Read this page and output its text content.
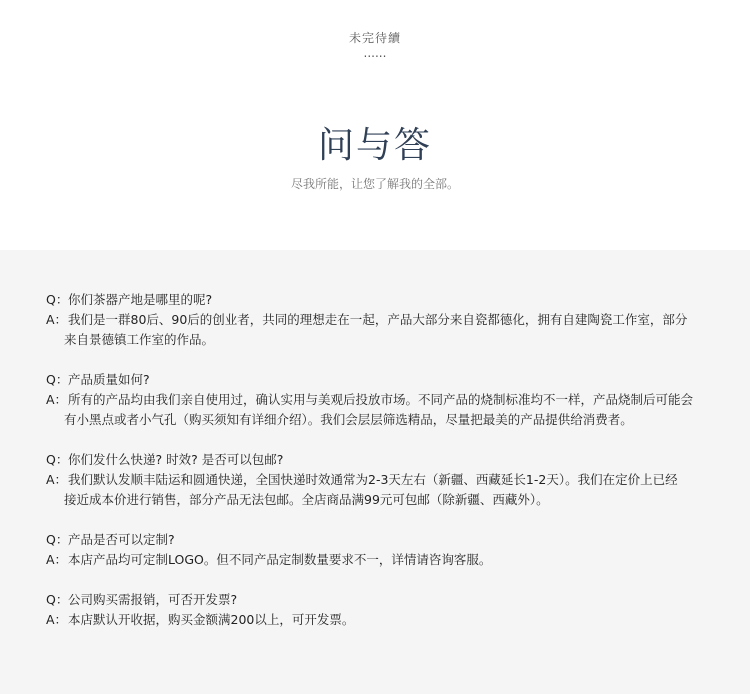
未完待續
......
问与答
尽我所能，让您了解我的全部。
Q：你们茶器产地是哪里的呢?
A：我们是一群80后、90后的创业者，共同的理想走在一起，产品大部分来自瓷都德化，拥有自建陶瓷工作室，部分
来自景德镇工作室的作品。
Q：产品质量如何?
A：所有的产品均由我们亲自使用过，确认实用与美观后投放市场。不同产品的烧制标准均不一样，产品烧制后可能会
有小黑点或者小气孔（购买须知有详细介绍）。我们会层层筛选精品，尽量把最美的产品提供给消费者。
Q：你们发什么快递? 时效? 是否可以包邮?
A：我们默认发顺丰陆运和圆通快递，全国快递时效通常为2-3天左右（新疆、西藏延长1-2天）。我们在定价上已经
接近成本价进行销售，部分产品无法包邮。全店商品满99元可包邮（除新疆、西藏外）。
Q：产品是否可以定制?
A：本店产品均可定制LOGO。但不同产品定制数量要求不一，详情请咨询客服。
Q：公司购买需报销，可否开发票?
A：本店默认开收据，购买金额满200以上，可开发票。
